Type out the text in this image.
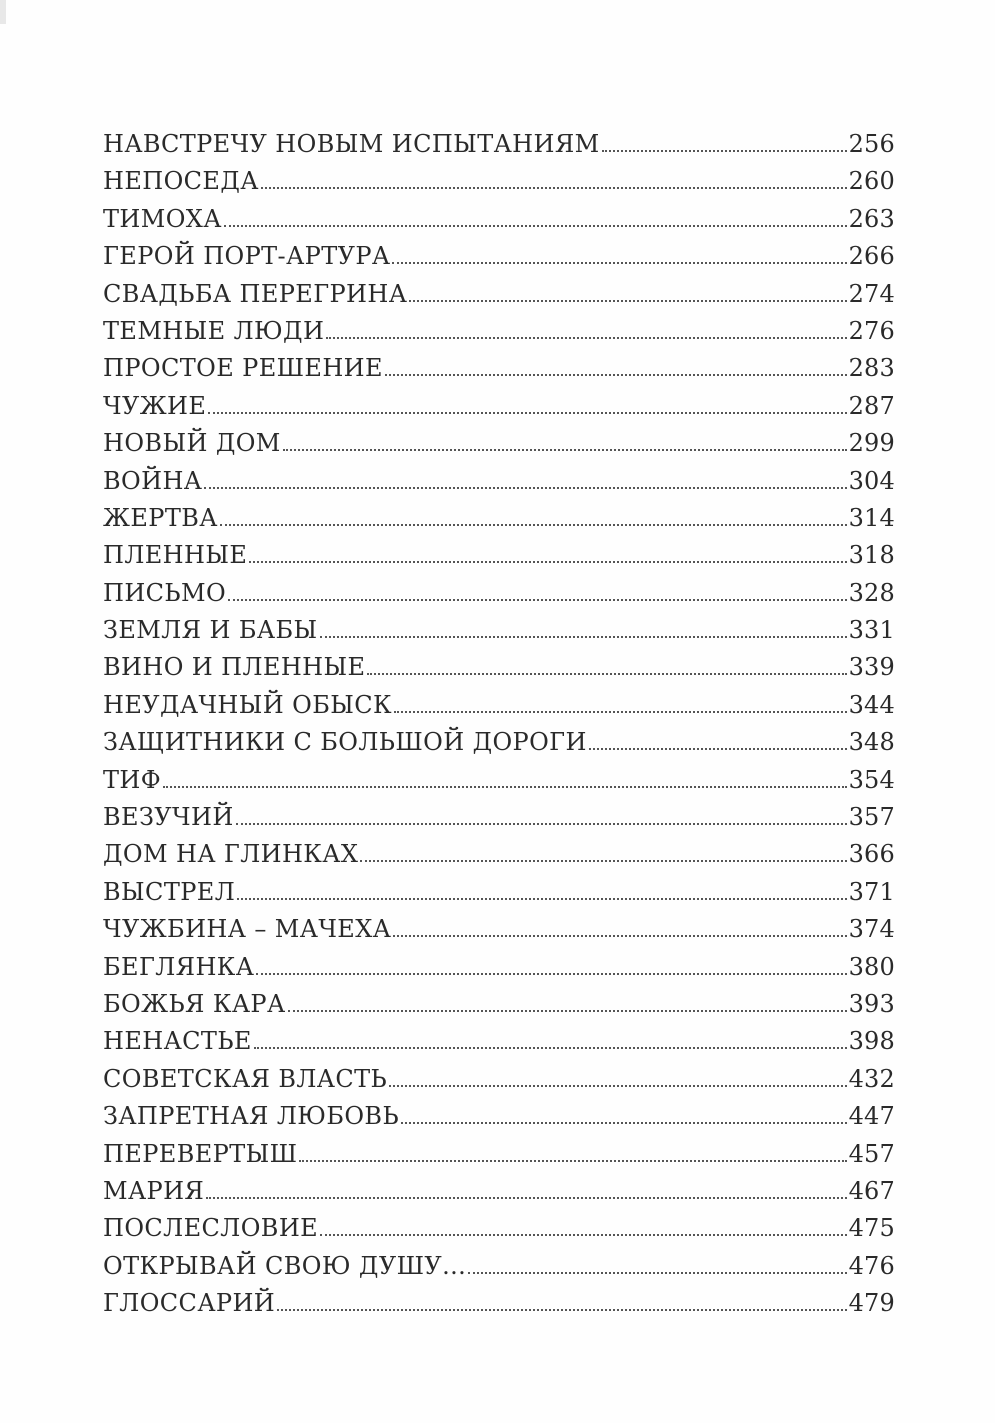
НАВСТРЕЧУ НОВЫМ ИСПЫТАНИЯМ	256
НЕПОСЕДА	260
ТИМОХА	263
ГЕРОЙ ПОРТ-АРТУРА	266
СВАДЬБА ПЕРЕГРИНА	274
ТЕМНЫЕ ЛЮДИ	276
ПРОСТОЕ РЕШЕНИЕ	283
ЧУЖИЕ	287
НОВЫЙ ДОМ	299
ВОЙНА	304
ЖЕРТВА	314
ПЛЕННЫЕ	318
ПИСЬМО	328
ЗЕМЛЯ И БАБЫ	331
ВИНО И ПЛЕННЫЕ	339
НЕУДАЧНЫЙ ОБЫСК	344
ЗАЩИТНИКИ С БОЛЬШОЙ ДОРОГИ	348
ТИФ	354
ВЕЗУЧИЙ	357
ДОМ НА ГЛИНКАХ	366
ВЫСТРЕЛ	371
ЧУЖБИНА – МАЧЕХА	374
БЕГЛЯНКА	380
БОЖЬЯ КАРА	393
НЕНАСТЬЕ	398
СОВЕТСКАЯ ВЛАСТЬ	432
ЗАПРЕТНАЯ ЛЮБОВЬ	447
ПЕРЕВЕРТЫШ	457
МАРИЯ	467
ПОСЛЕСЛОВИЕ	475
ОТКРЫВАЙ СВОЮ ДУШУ...	476
ГЛОССАРИЙ	479
